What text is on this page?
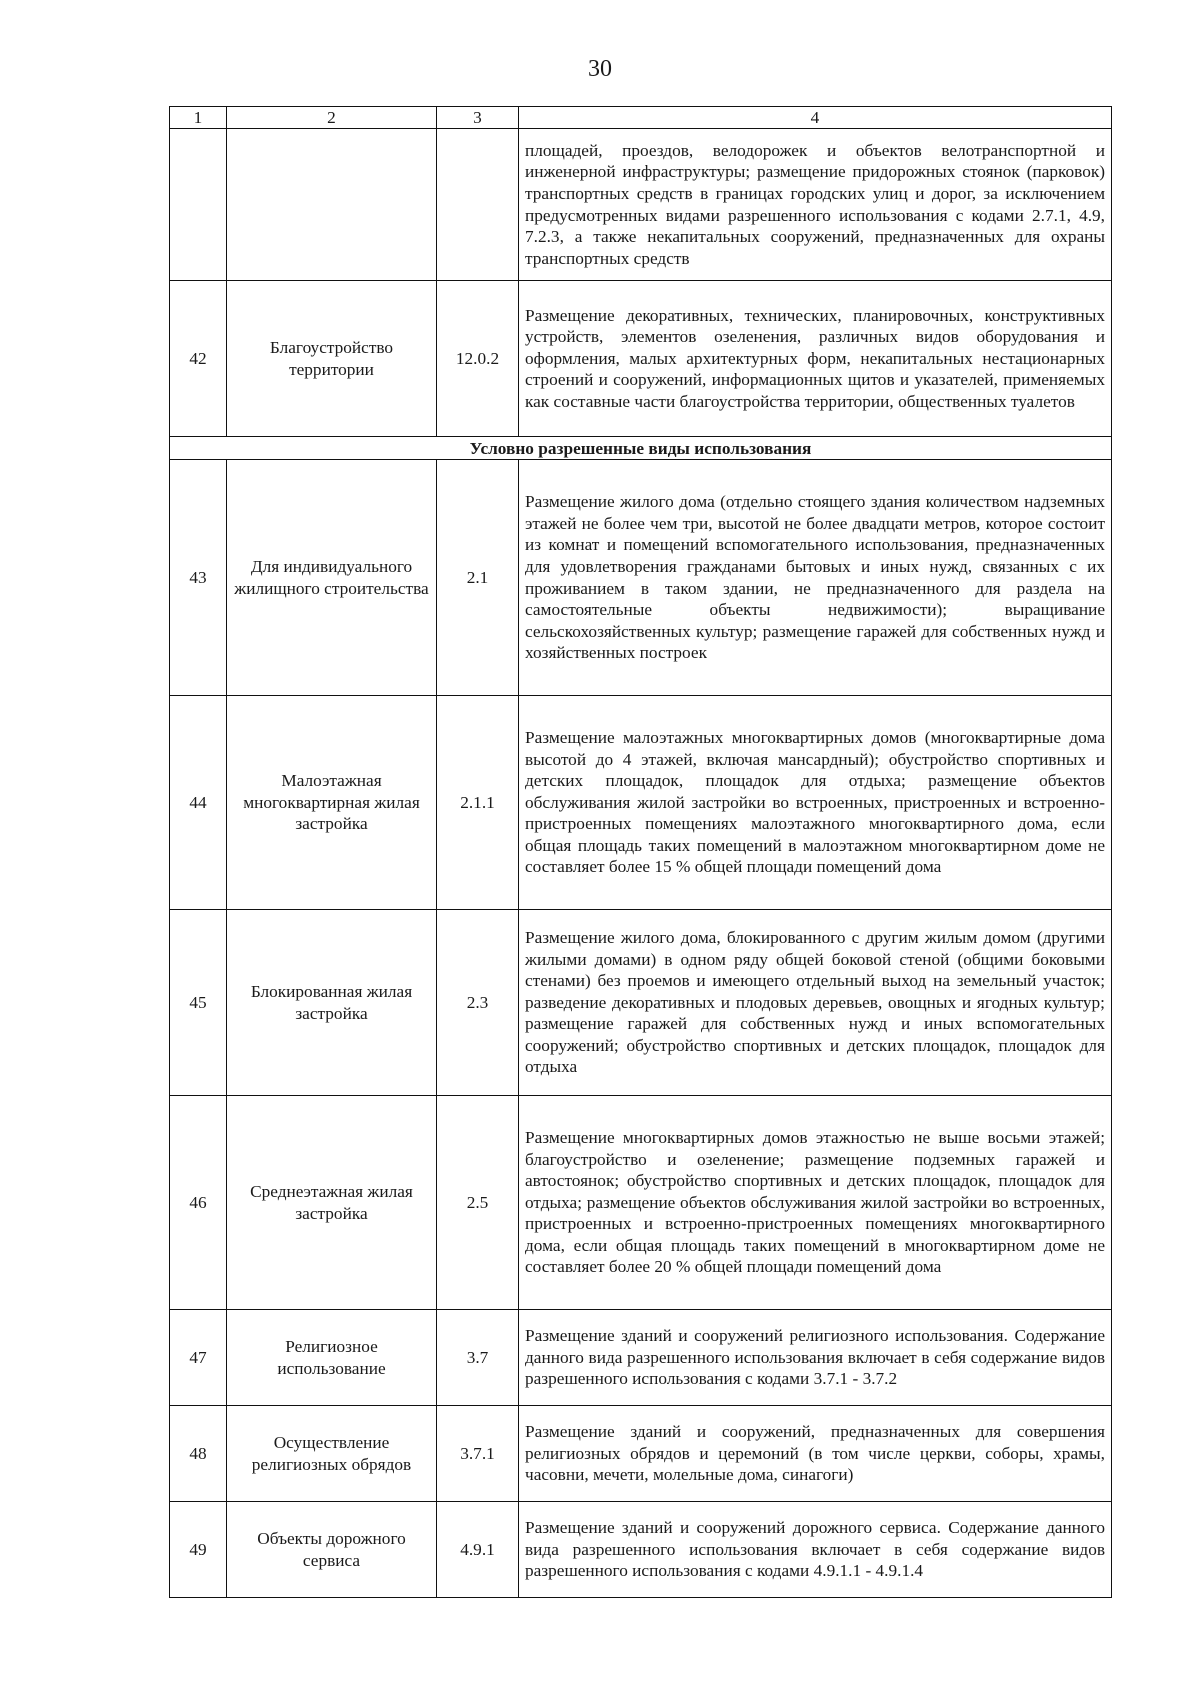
30
1	2	3	4
			площадей, проездов, велодорожек и объектов велотранспортной и инженерной инфраструктуры; размещение придорожных стоянок (парковок) транспортных средств в границах городских улиц и дорог, за исключением предусмотренных видами разрешенного использования с кодами 2.7.1, 4.9, 7.2.3, а также некапитальных сооружений, предназначенных для охраны транспортных средств
42	Благоустройство территории	12.0.2	Размещение декоративных, технических, планировочных, конструктивных устройств, элементов озеленения, различных видов оборудования и оформления, малых архитектурных форм, некапитальных нестационарных строений и сооружений, информационных щитов и указателей, применяемых как составные части благоустройства территории, общественных туалетов
Условно разрешенные виды использования			
43	Для индивидуального жилищного строительства	2.1	Размещение жилого дома (отдельно стоящего здания количеством надземных этажей не более чем три, высотой не более двадцати метров, которое состоит из комнат и помещений вспомогательного использования, предназначенных для удовлетворения гражданами бытовых и иных нужд, связанных с их проживанием в таком здании, не предназначенного для раздела на самостоятельные объекты недвижимости); выращивание сельскохозяйственных культур; размещение гаражей для собственных нужд и хозяйственных построек
44	Малоэтажная многоквартирная жилая застройка	2.1.1	Размещение малоэтажных многоквартирных домов (многоквартирные дома высотой до 4 этажей, включая мансардный); обустройство спортивных и детских площадок, площадок для отдыха; размещение объектов обслуживания жилой застройки во встроенных, пристроенных и встроенно-пристроенных помещениях малоэтажного многоквартирного дома, если общая площадь таких помещений в малоэтажном многоквартирном доме не составляет более 15 % общей площади помещений дома
45	Блокированная жилая застройка	2.3	Размещение жилого дома, блокированного с другим жилым домом (другими жилыми домами) в одном ряду общей боковой стеной (общими боковыми стенами) без проемов и имеющего отдельный выход на земельный участок; разведение декоративных и плодовых деревьев, овощных и ягодных культур; размещение гаражей для собственных нужд и иных вспомогательных сооружений; обустройство спортивных и детских площадок, площадок для отдыха
46	Среднеэтажная жилая застройка	2.5	Размещение многоквартирных домов этажностью не выше восьми этажей; благоустройство и озеленение; размещение подземных гаражей и автостоянок; обустройство спортивных и детских площадок, площадок для отдыха; размещение объектов обслуживания жилой застройки во встроенных, пристроенных и встроенно-пристроенных помещениях многоквартирного дома, если общая площадь таких помещений в многоквартирном доме не составляет более 20 % общей площади помещений дома
47	Религиозное использование	3.7	Размещение зданий и сооружений религиозного использования. Содержание данного вида разрешенного использования включает в себя содержание видов разрешенного использования с кодами 3.7.1 - 3.7.2
48	Осуществление религиозных обрядов	3.7.1	Размещение зданий и сооружений, предназначенных для совершения религиозных обрядов и церемоний (в том числе церкви, соборы, храмы, часовни, мечети, молельные дома, синагоги)
49	Объекты дорожного сервиса	4.9.1	Размещение зданий и сооружений дорожного сервиса. Содержание данного вида разрешенного использования включает в себя содержание видов разрешенного использования с кодами 4.9.1.1 - 4.9.1.4
